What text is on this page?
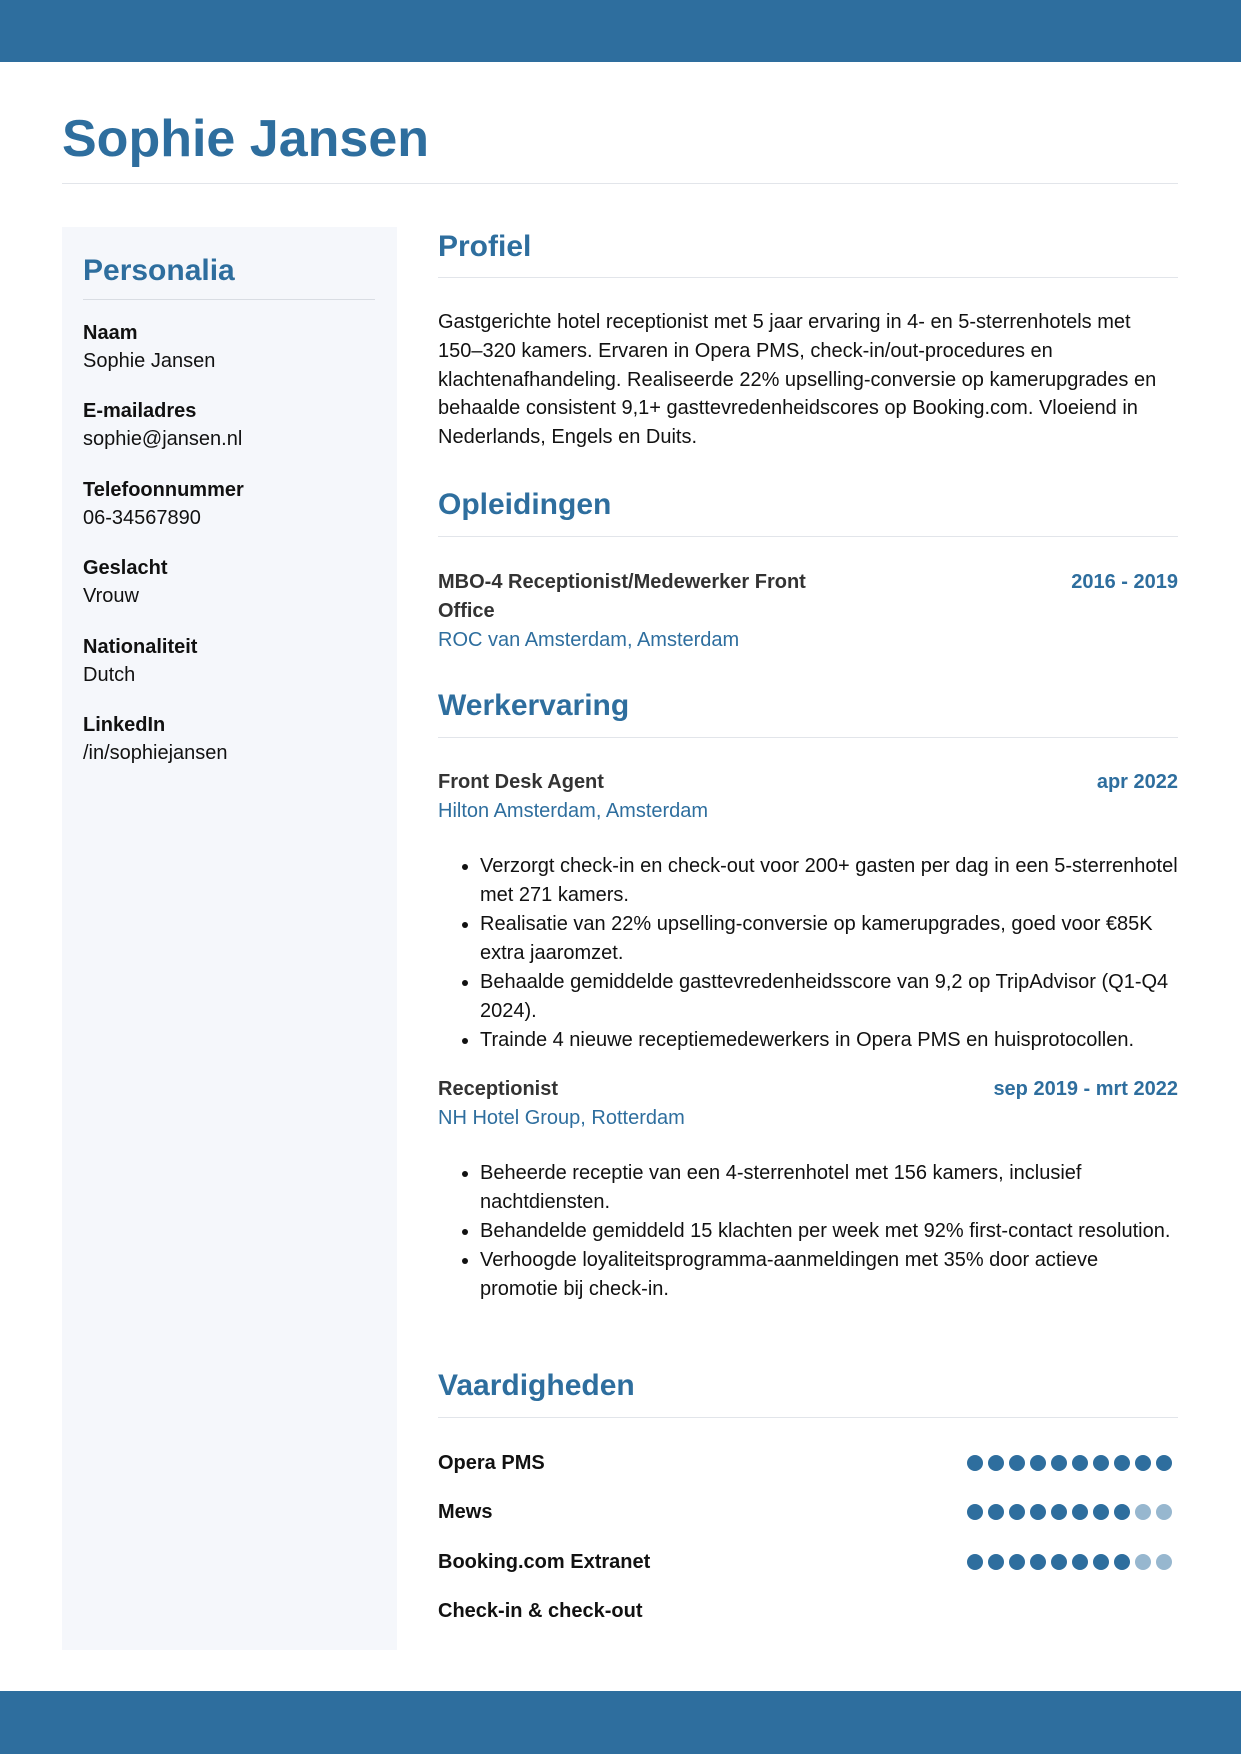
Sophie Jansen
Personalia
Naam
Sophie Jansen
E-mailadres
sophie@jansen.nl
Telefoonnummer
06-34567890
Geslacht
Vrouw
Nationaliteit
Dutch
LinkedIn
/in/sophiejansen
Profiel

Gastgerichte hotel receptionist met 5 jaar ervaring in 4- en 5-sterrenhotels met 150–320 kamers. Ervaren in Opera PMS, check-in/out-procedures en klachtenafhandeling. Realiseerde 22% upselling-conversie op kamerupgrades en behaalde consistent 9,1+ gasttevredenheidscores op Booking.com. Vloeiend in Nederlands, Engels en Duits.

Opleidingen
MBO-4 Receptionist/Medewerker Front Office
2016 - 2019
ROC van Amsterdam, Amsterdam
Werkervaring
Front Desk Agent	apr 2022
Hilton Amsterdam, Amsterdam
• Verzorgt check-in en check-out voor 200+ gasten per dag in een 5-sterrenhotel met 271 kamers.
• Realisatie van 22% upselling-conversie op kamerupgrades, goed voor €85K extra jaaromzet.
• Behaalde gemiddelde gasttevredenheidsscore van 9,2 op TripAdvisor (Q1-Q4 2024).
• Trainde 4 nieuwe receptiemedewerkers in Opera PMS en huisprotocollen.
Receptionist	sep 2019 - mrt 2022
NH Hotel Group, Rotterdam
• Beheerde receptie van een 4-sterrenhotel met 156 kamers, inclusief nachtdiensten.
• Behandelde gemiddeld 15 klachten per week met 92% first-contact resolution.
• Verhoogde loyaliteitsprogramma-aanmeldingen met 35% door actieve promotie bij check-in.
Vaardigheden
Opera PMS
Mews
Booking.com Extranet
Check-in & check-out
